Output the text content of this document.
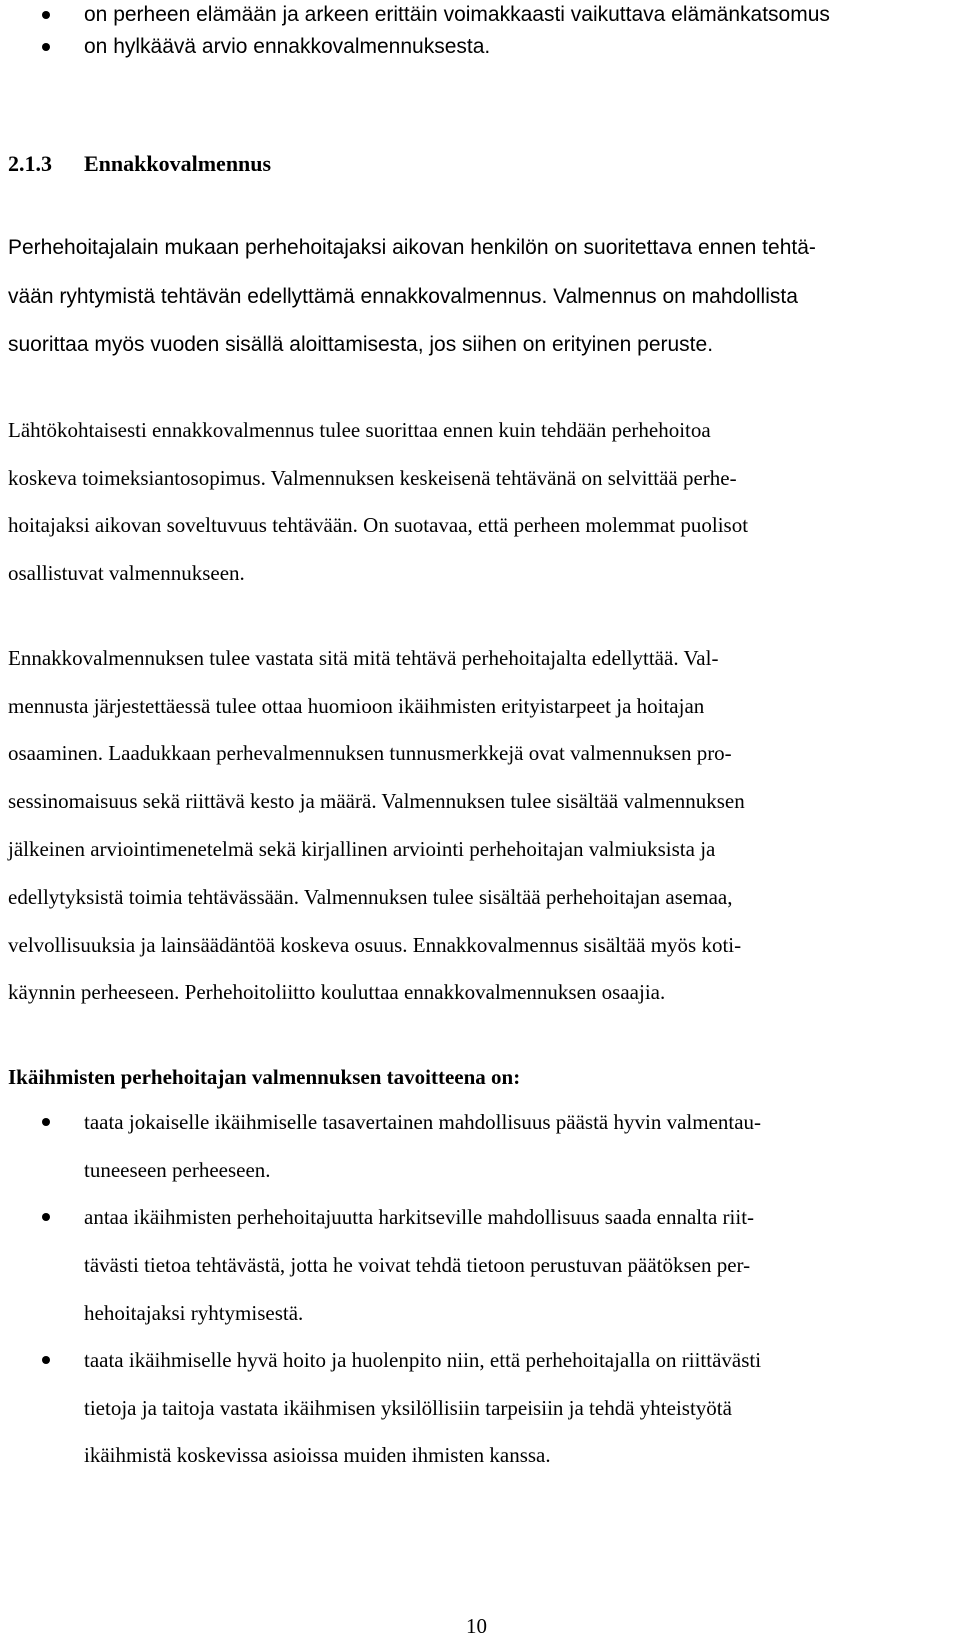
on perheen elämään ja arkeen erittäin voimakkaasti vaikuttava elämänkatsomus
on hylkäävä arvio ennakkovalmennuksesta.
2.1.3 Ennakkovalmennus
Perhehoitajalain mukaan perhehoitajaksi aikovan henkilön on suoritettava ennen tehtä-
vään ryhtymistä tehtävän edellyttämä ennakkovalmennus. Valmennus on mahdollista
suorittaa myös vuoden sisällä aloittamisesta, jos siihen on erityinen peruste.
Lähtökohtaisesti ennakkovalmennus tulee suorittaa ennen kuin tehdään perhehoitoa
koskeva toimeksiantosopimus. Valmennuksen keskeisenä tehtävänä on selvittää perhe-
hoitajaksi aikovan soveltuvuus tehtävään. On suotavaa, että perheen molemmat puolisot
osallistuvat valmennukseen.
Ennakkovalmennuksen tulee vastata sitä mitä tehtävä perhehoitajalta edellyttää. Val-
mennusta järjestettäessä tulee ottaa huomioon ikäihmisten erityistarpeet ja hoitajan
osaaminen. Laadukkaan perhevalmennuksen tunnusmerkkejä ovat valmennuksen pro-
sessinomaisuus sekä riittävä kesto ja määrä. Valmennuksen tulee sisältää valmennuksen
jälkeinen arviointimenetelmä sekä kirjallinen arviointi perhehoitajan valmiuksista ja
edellytyksistä toimia tehtävässään. Valmennuksen tulee sisältää perhehoitajan asemaa,
velvollisuuksia ja lainsäädäntöä koskeva osuus. Ennakkovalmennus sisältää myös koti-
käynnin perheeseen. Perhehoitoliitto kouluttaa ennakkovalmennuksen osaajia.
Ikäihmisten perhehoitajan valmennuksen tavoitteena on:
taata jokaiselle ikäihmiselle tasavertainen mahdollisuus päästä hyvin valmentau-
tuneeseen perheeseen.
antaa ikäihmisten perhehoitajuutta harkitseville mahdollisuus saada ennalta riit-
tävästi tietoa tehtävästä, jotta he voivat tehdä tietoon perustuvan päätöksen per-
hehoitajaksi ryhtymisestä.
taata ikäihmiselle hyvä hoito ja huolenpito niin, että perhehoitajalla on riittävästi
tietoja ja taitoja vastata ikäihmisen yksilöllisiin tarpeisiin ja tehdä yhteistyötä
ikäihmistä koskevissa asioissa muiden ihmisten kanssa.
10
